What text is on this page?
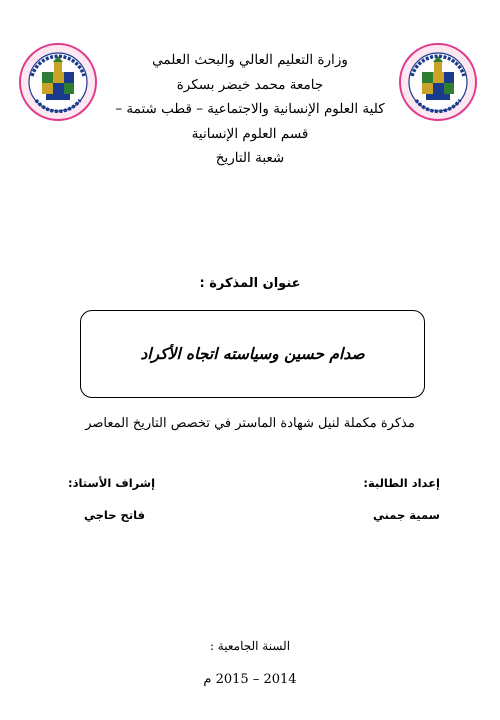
وزارة التعليم العالي والبحث العلمي
جامعة محمد خيضر بسكرة
كلية العلوم الإنسانية والاجتماعية – قطب شتمة –
قسم العلوم الإنسانية
شعبة التاريخ
عنوان المذكرة :
صدام حسين وسياسته اتجاه الأكراد
مذكرة مكملة لنيل شهادة الماستر في تخصص التاريخ المعاصر
إعداد الطالبة:
سمية جمني
إشراف الأستاذ:
فاتح حاجي
السنة الجامعية :
2014 – 2015 م
